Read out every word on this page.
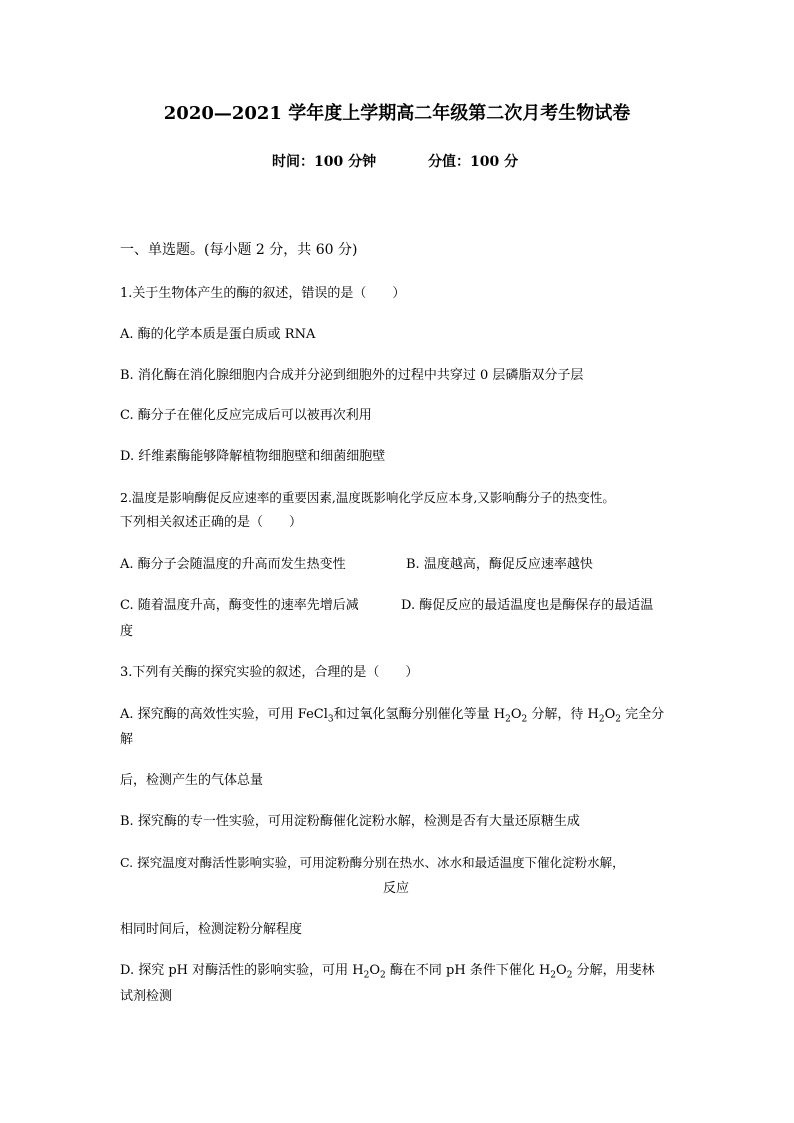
2020—2021 学年度上学期高二年级第二次月考生物试卷
时间：100 分钟	分值：100 分
一、单选题。(每小题 2 分，共 60 分)
1.关于生物体产生的酶的叙述，错误的是（　　）
A. 酶的化学本质是蛋白质或 RNA
B. 消化酶在消化腺细胞内合成并分泌到细胞外的过程中共穿过 0 层磷脂双分子层
C. 酶分子在催化反应完成后可以被再次利用
D. 纤维素酶能够降解植物细胞壁和细菌细胞壁
2.温度是影响酶促反应速率的重要因素,温度既影响化学反应本身,又影响酶分子的热变性。
下列相关叙述正确的是（　　）
A. 酶分子会随温度的升高而发生热变性	B. 温度越高，酶促反应速率越快
C. 随着温度升高，酶变性的速率先增后减	D. 酶促反应的最适温度也是酶保存的最适温
度
3.下列有关酶的探究实验的叙述，合理的是（　　）
A. 探究酶的高效性实验，可用 FeCl$_3$和过氧化氢酶分别催化等量 $H_2O_2$ 分解，待 $H_2O_2$ 完全分
解
后，检测产生的气体总量
B. 探究酶的专一性实验，可用淀粉酶催化淀粉水解，检测是否有大量还原糖生成
C. 探究温度对酶活性影响实验，可用淀粉酶分别在热水、冰水和最适温度下催化淀粉水解，
反应
相同时间后，检测淀粉分解程度
D. 探究 pH 对酶活性的影响实验，可用 $H_2O_2$ 酶在不同 pH 条件下催化 $H_2O_2$ 分解，用斐林
试剂检测
